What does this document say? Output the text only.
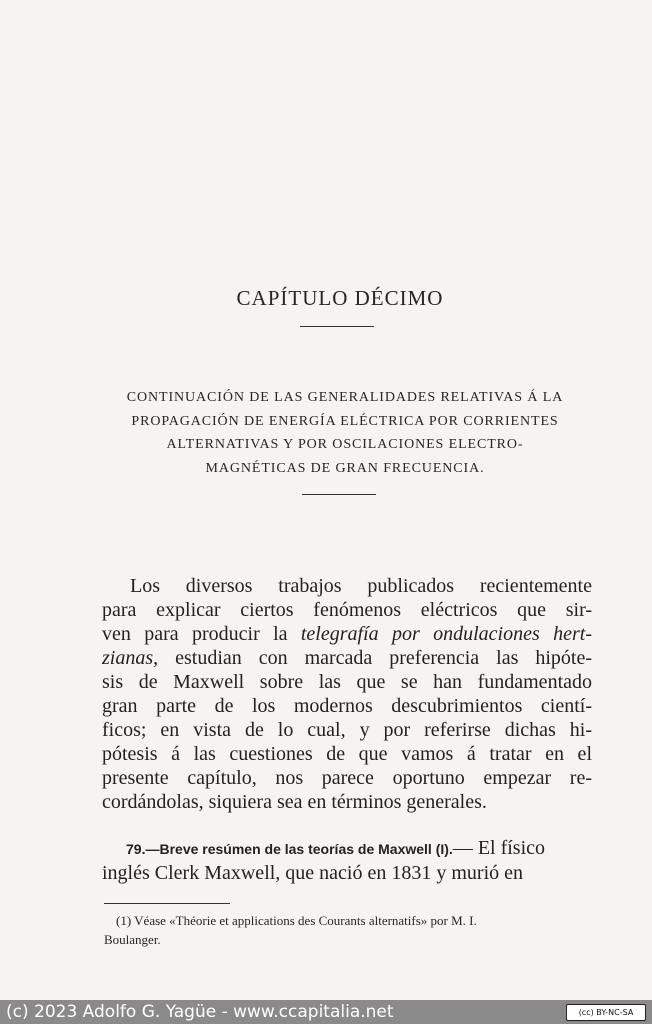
CAPÍTULO DÉCIMO
CONTINUACIÓN DE LAS GENERALIDADES RELATIVAS Á LA
PROPAGACIÓN DE ENERGÍA ELÉCTRICA POR CORRIENTES
ALTERNATIVAS Y POR OSCILACIONES ELECTRO-
MAGNÉTICAS DE GRAN FRECUENCIA.
Los diversos trabajos publicados recientemente
para explicar ciertos fenómenos eléctricos que sir-
ven para producir la telegrafía por ondulaciones hert-
zianas, estudian con marcada preferencia las hipóte-
sis de Maxwell sobre las que se han fundamentado
gran parte de los modernos descubrimientos cientí-
ficos; en vista de lo cual, y por referirse dichas hi-
pótesis á las cuestiones de que vamos á tratar en el
presente capítulo, nos parece oportuno empezar re-
cordándolas, siquiera sea en términos generales.
79.—Breve resúmen de las teorías de Maxwell (I).— El físico
inglés Clerk Maxwell, que nació en 1831 y murió en
(1) Véase «Théorie et applications des Courants alternatifs» por M. I.
Boulanger.
(c) 2023 Adolfo G. Yagüe - www.ccapitalia.net	(cc) BY-NC-SA
